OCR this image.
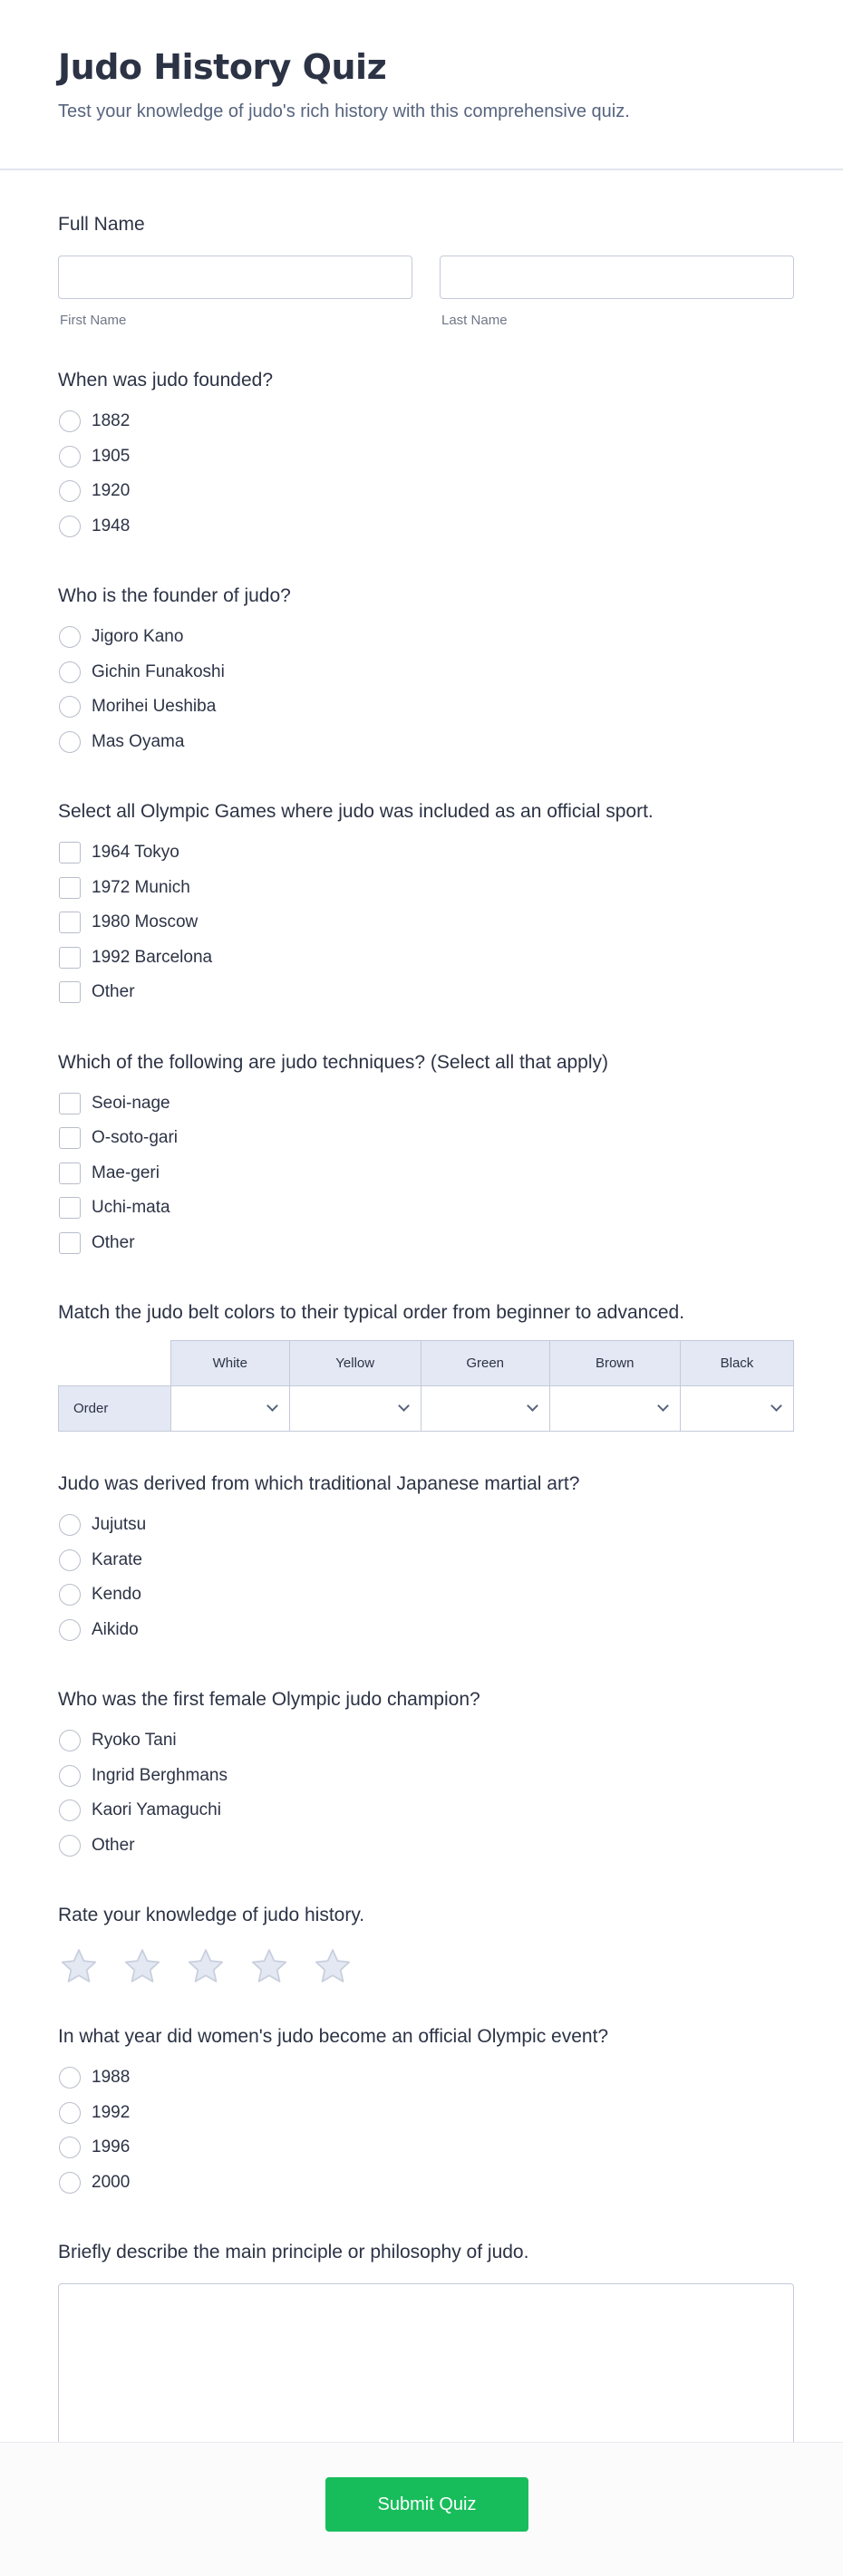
Judo History Quiz

Test your knowledge of judo's rich history with this comprehensive quiz.

Full Name
First Name	Last Name
When was judo founded?
1882
1905
1920
1948
Who is the founder of judo?
Jigoro Kano
Gichin Funakoshi
Morihei Ueshiba
Mas Oyama
Select all Olympic Games where judo was included as an official sport.
1964 Tokyo
1972 Munich
1980 Moscow
1992 Barcelona
Other
Which of the following are judo techniques? (Select all that apply)
Seoi-nage
O-soto-gari
Mae-geri
Uchi-mata
Other
Match the judo belt colors to their typical order from beginner to advanced.
	White	Yellow	Green	Brown	Black
Order	

Judo was derived from which traditional Japanese martial art?
Jujutsu
Karate
Kendo
Aikido
Who was the first female Olympic judo champion?
Ryoko Tani
Ingrid Berghmans
Kaori Yamaguchi
Other
Rate your knowledge of judo history.
In what year did women's judo become an official Olympic event?
1988
1992
1996
2000
Briefly describe the main principle or philosophy of judo.
Submit Quiz
